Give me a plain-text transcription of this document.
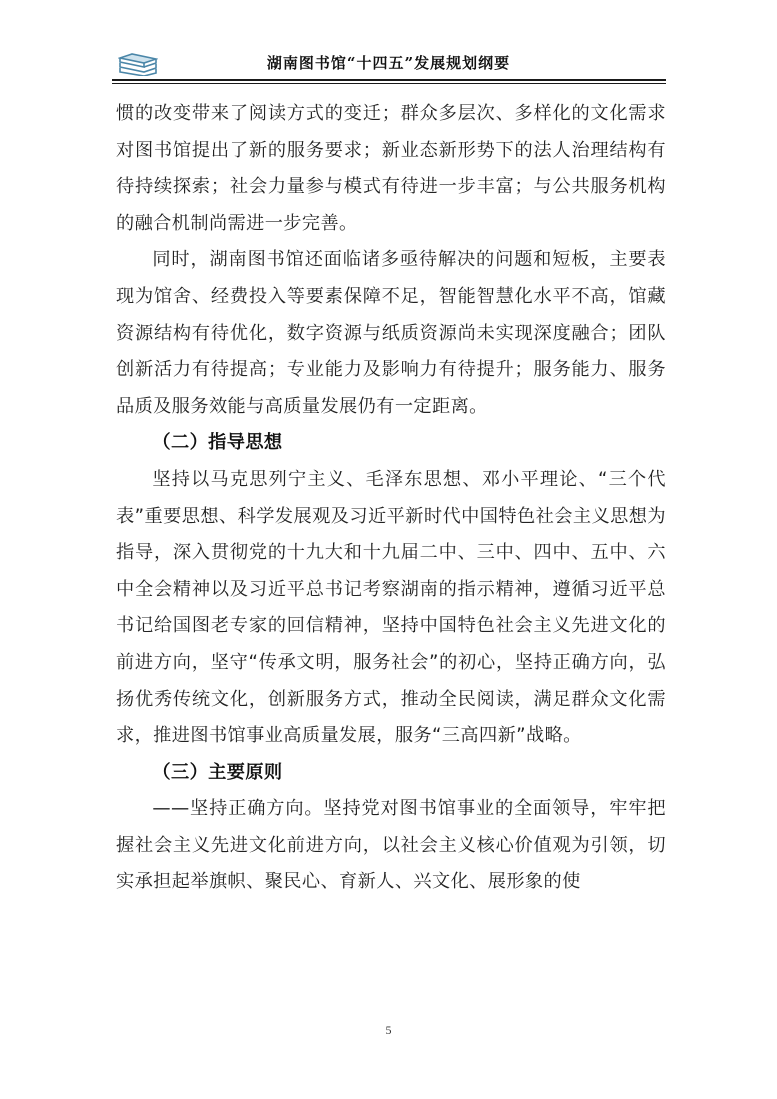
湖南图书馆“十四五”发展规划纲要

惯的改变带来了阅读方式的变迁；群众多层次、多样化的文化需求对图书馆提出了新的服务要求；新业态新形势下的法人治理结构有待持续探索；社会力量参与模式有待进一步丰富；与公共服务机构的融合机制尚需进一步完善。

同时，湖南图书馆还面临诸多亟待解决的问题和短板，主要表现为馆舍、经费投入等要素保障不足，智能智慧化水平不高，馆藏资源结构有待优化，数字资源与纸质资源尚未实现深度融合；团队创新活力有待提高；专业能力及影响力有待提升；服务能力、服务品质及服务效能与高质量发展仍有一定距离。

（二）指导思想

坚持以马克思列宁主义、毛泽东思想、邓小平理论、“三个代表”重要思想、科学发展观及习近平新时代中国特色社会主义思想为指导，深入贯彻党的十九大和十九届二中、三中、四中、五中、六中全会精神以及习近平总书记考察湖南的指示精神，遵循习近平总书记给国图老专家的回信精神，坚持中国特色社会主义先进文化的前进方向，坚守“传承文明，服务社会”的初心，坚持正确方向，弘扬优秀传统文化，创新服务方式，推动全民阅读，满足群众文化需求，推进图书馆事业高质量发展，服务“三高四新”战略。

（三）主要原则

——坚持正确方向。坚持党对图书馆事业的全面领导，牢牢把握社会主义先进文化前进方向，以社会主义核心价值观为引领，切实承担起举旗帜、聚民心、育新人、兴文化、展形象的使

5
